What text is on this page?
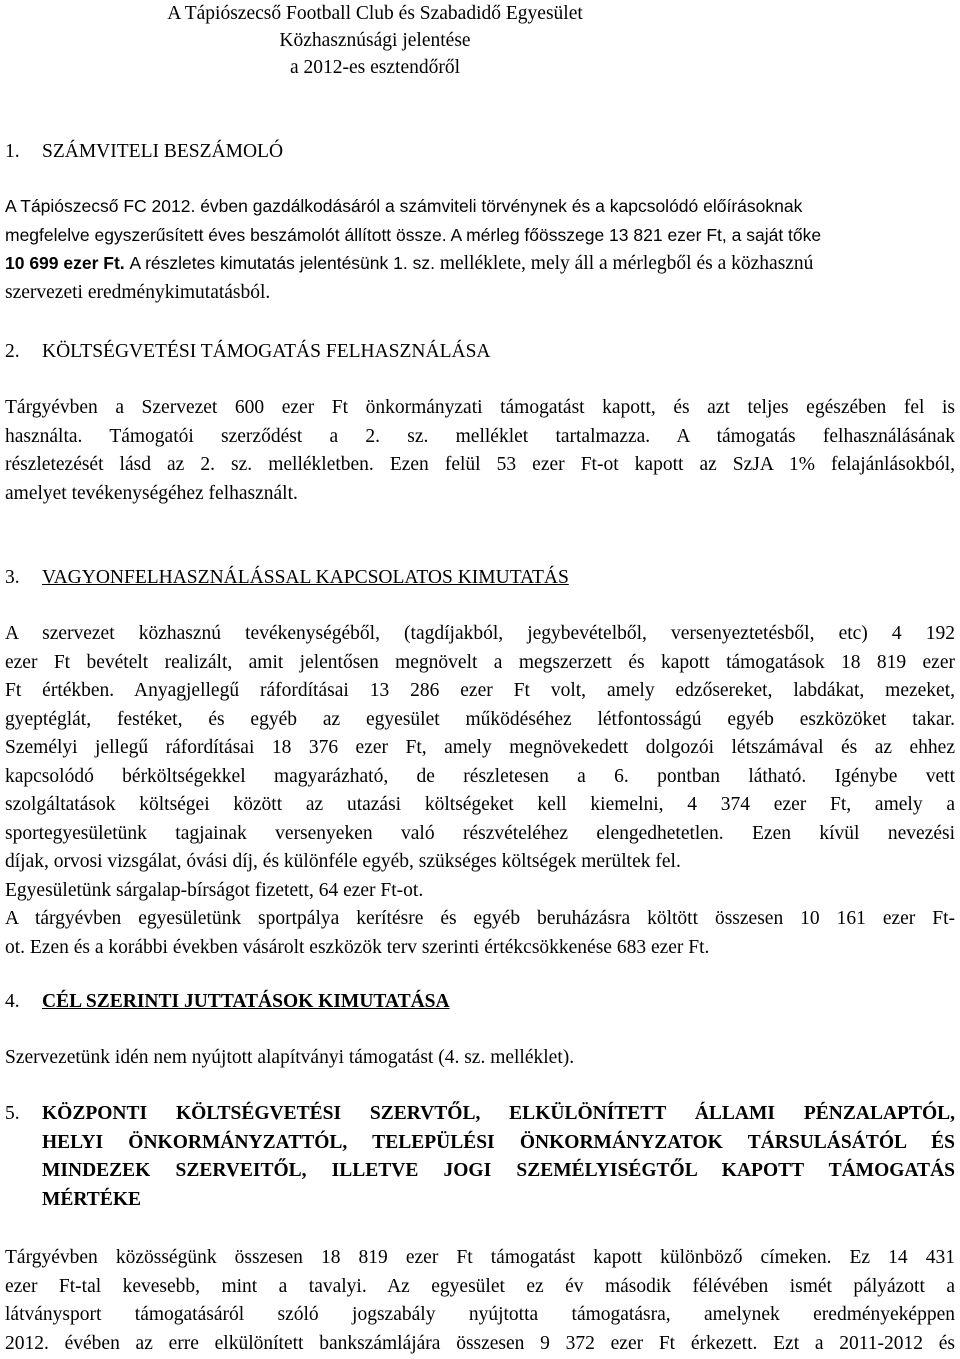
A Tápiószecső Football Club és Szabadidő Egyesület
Közhasznúsági jelentése
a 2012-es esztendőről
1.	SZÁMVITELI BESZÁMOLÓ
A Tápiószecső FC 2012. évben gazdálkodásáról a számviteli törvénynek és a kapcsolódó előírásoknak
megfelelve egyszerűsített éves beszámolót állított össze. A mérleg főösszege 13 821 ezer Ft, a saját tőke
10 699 ezer Ft. A részletes kimutatás jelentésünk 1. sz. melléklete, mely áll a mérlegből és a közhasznú
szervezeti eredménykimutatásból.
2.	KÖLTSÉGVETÉSI TÁMOGATÁS FELHASZNÁLÁSA
Tárgyévben a Szervezet 600 ezer Ft önkormányzati támogatást kapott, és azt teljes egészében fel is
használta. Támogatói szerződést a 2. sz. melléklet tartalmazza. A támogatás felhasználásának
részletezését lásd az 2. sz. mellékletben. Ezen felül 53 ezer Ft-ot kapott az SzJA 1% felajánlásokból,
amelyet tevékenységéhez felhasznált.
3.	VAGYONFELHASZNÁLÁSSAL KAPCSOLATOS KIMUTATÁS
A szervezet közhasznú tevékenységéből, (tagdíjakból, jegybevételből, versenyeztetésből, etc) 4 192
ezer Ft bevételt realizált, amit jelentősen megnövelt a megszerzett és kapott támogatások 18 819 ezer
Ft értékben. Anyagjellegű ráfordításai 13 286 ezer Ft volt, amely edzősereket, labdákat, mezeket,
gyeptéglát, festéket, és egyéb az egyesület működéséhez létfontosságú egyéb eszközöket takar.
Személyi jellegű ráfordításai 18 376 ezer Ft, amely megnövekedett dolgozói létszámával és az ehhez
kapcsolódó bérköltségekkel magyarázható, de részletesen a 6. pontban látható. Igénybe vett
szolgáltatások költségei között az utazási költségeket kell kiemelni, 4 374 ezer Ft, amely a
sportegyesületünk tagjainak versenyeken való részvételéhez elengedhetetlen. Ezen kívül nevezési
díjak, orvosi vizsgálat, óvási díj, és különféle egyéb, szükséges költségek merültek fel.
Egyesületünk sárgalap-bírságot fizetett, 64 ezer Ft-ot.
A tárgyévben egyesületünk sportpálya kerítésre és egyéb beruházásra költött összesen 10 161 ezer Ft-
ot. Ezen és a korábbi években vásárolt eszközök terv szerinti értékcsökkenése 683 ezer Ft.
4.	CÉL SZERINTI JUTTATÁSOK KIMUTATÁSA
Szervezetünk idén nem nyújtott alapítványi támogatást (4. sz. melléklet).
5. KÖZPONTI KÖLTSÉGVETÉSI SZERVTŐL, ELKÜLÖNÍTETT ÁLLAMI PÉNZALAPTÓL,
HELYI ÖNKORMÁNYZATTÓL, TELEPÜLÉSI ÖNKORMÁNYZATOK TÁRSULÁSÁTÓL ÉS
MINDEZEK SZERVEITŐL, ILLETVE JOGI SZEMÉLYISÉGTŐL KAPOTT TÁMOGATÁS
MÉRTÉKE
Tárgyévben közösségünk összesen 18 819 ezer Ft támogatást kapott különböző címeken. Ez 14 431
ezer Ft-tal kevesebb, mint a tavalyi. Az egyesület ez év második félévében ismét pályázott a
látványsport támogatásáról szóló jogszabály nyújtotta támogatásra, amelynek eredményeképpen
2012. évében az erre elkülönített bankszámlájára összesen 9 372 ezer Ft érkezett. Ezt a 2011-2012 és
